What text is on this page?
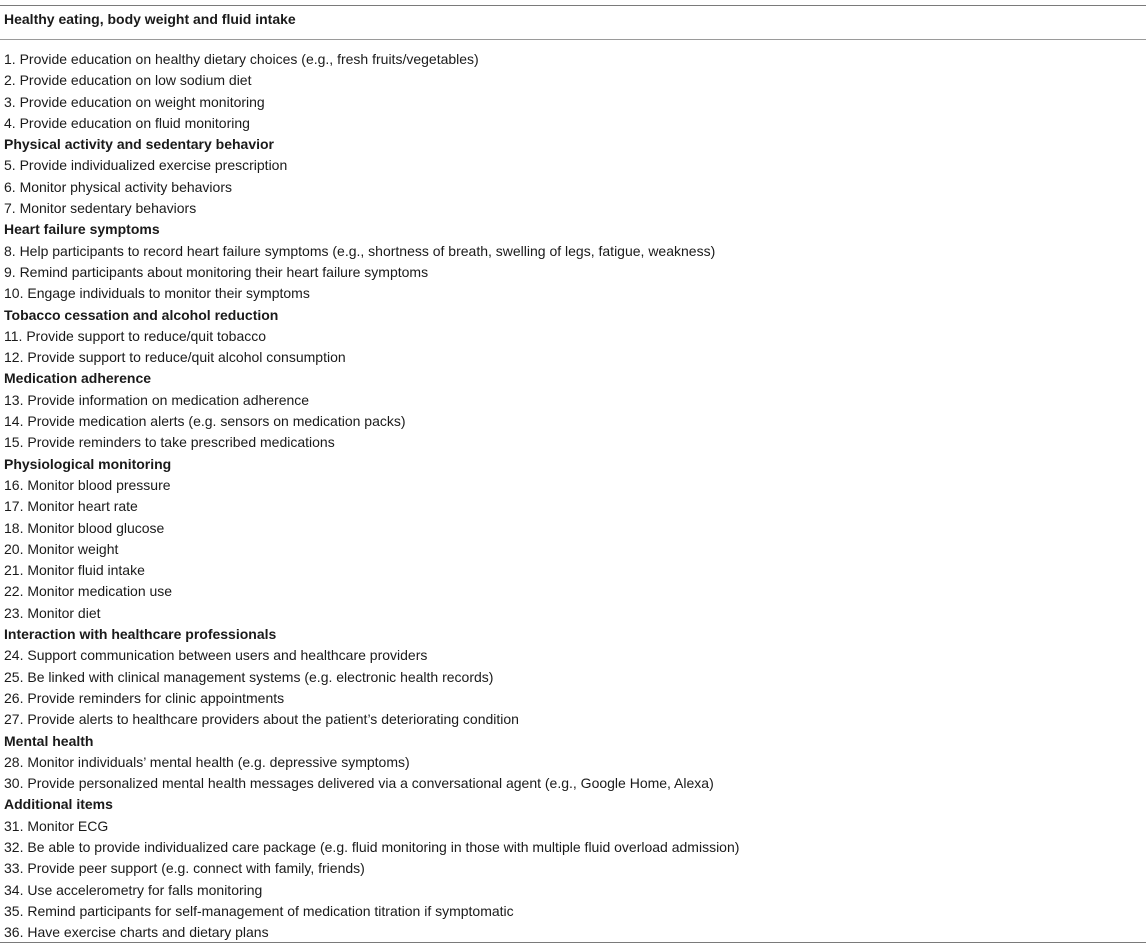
Healthy eating, body weight and fluid intake
1. Provide education on healthy dietary choices (e.g., fresh fruits/vegetables)
2. Provide education on low sodium diet
3. Provide education on weight monitoring
4. Provide education on fluid monitoring
Physical activity and sedentary behavior
5. Provide individualized exercise prescription
6. Monitor physical activity behaviors
7. Monitor sedentary behaviors
Heart failure symptoms
8. Help participants to record heart failure symptoms (e.g., shortness of breath, swelling of legs, fatigue, weakness)
9. Remind participants about monitoring their heart failure symptoms
10. Engage individuals to monitor their symptoms
Tobacco cessation and alcohol reduction
11. Provide support to reduce/quit tobacco
12. Provide support to reduce/quit alcohol consumption
Medication adherence
13. Provide information on medication adherence
14. Provide medication alerts (e.g. sensors on medication packs)
15. Provide reminders to take prescribed medications
Physiological monitoring
16. Monitor blood pressure
17. Monitor heart rate
18. Monitor blood glucose
20. Monitor weight
21. Monitor fluid intake
22. Monitor medication use
23. Monitor diet
Interaction with healthcare professionals
24. Support communication between users and healthcare providers
25. Be linked with clinical management systems (e.g. electronic health records)
26. Provide reminders for clinic appointments
27. Provide alerts to healthcare providers about the patient’s deteriorating condition
Mental health
28. Monitor individuals’ mental health (e.g. depressive symptoms)
30. Provide personalized mental health messages delivered via a conversational agent (e.g., Google Home, Alexa)
Additional items
31. Monitor ECG
32. Be able to provide individualized care package (e.g. fluid monitoring in those with multiple fluid overload admission)
33. Provide peer support (e.g. connect with family, friends)
34. Use accelerometry for falls monitoring
35. Remind participants for self-management of medication titration if symptomatic
36. Have exercise charts and dietary plans
